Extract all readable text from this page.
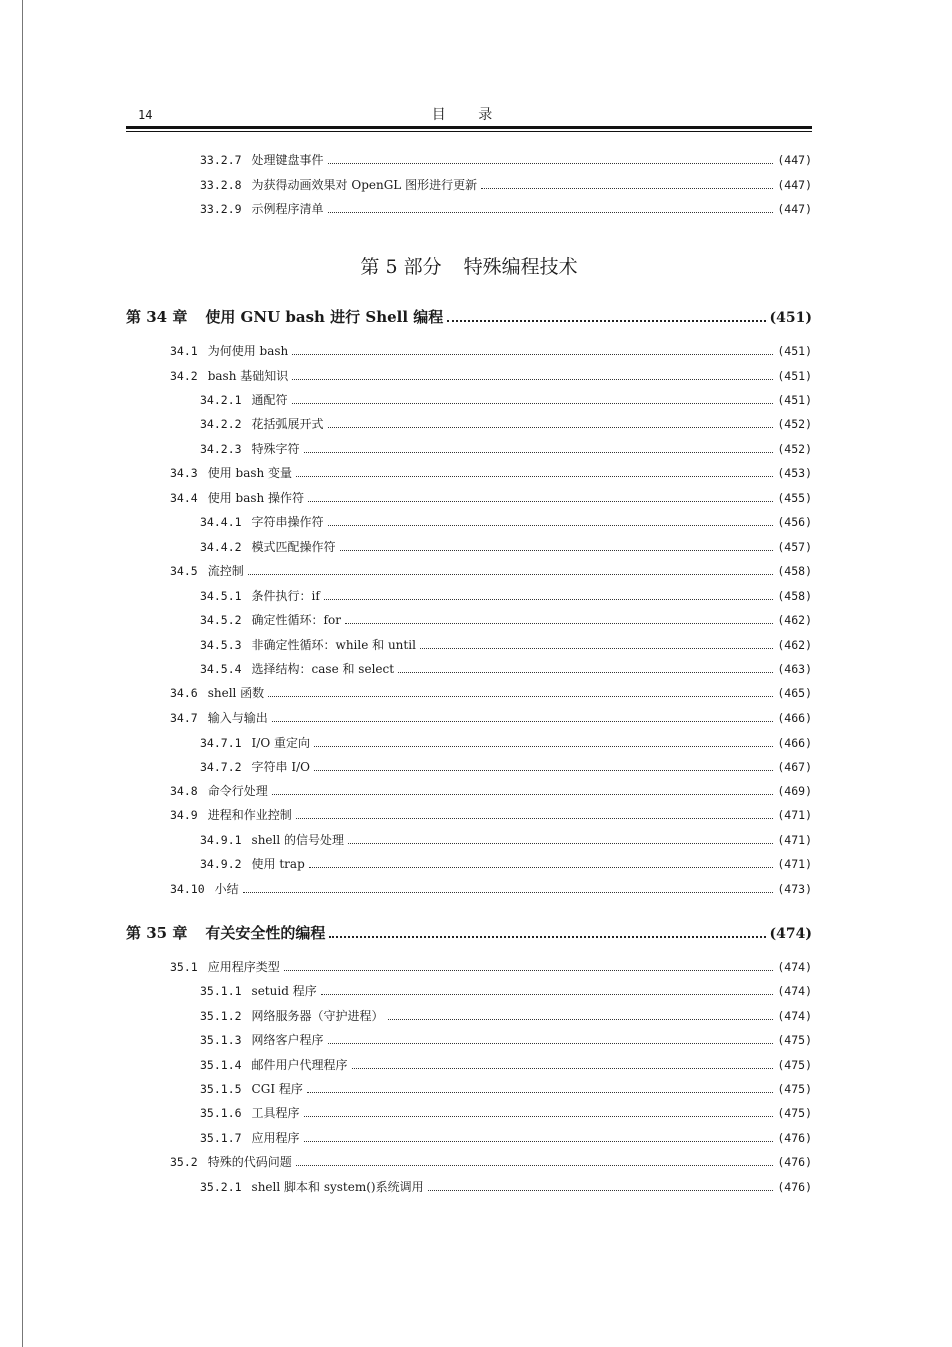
14	目 录
33.2.7 处理键盘事件	(447)
33.2.8 为获得动画效果对 OpenGL 图形进行更新	(447)
33.2.9 示例程序清单	(447)
第 5 部分 特殊编程技术
第 34 章 使用 GNU bash 进行 Shell 编程	(451)
34.1 为何使用 bash	(451)
34.2 bash 基础知识	(451)
34.2.1 通配符	(451)
34.2.2 花括弧展开式	(452)
34.2.3 特殊字符	(452)
34.3 使用 bash 变量	(453)
34.4 使用 bash 操作符	(455)
34.4.1 字符串操作符	(456)
34.4.2 模式匹配操作符	(457)
34.5 流控制	(458)
34.5.1 条件执行：if	(458)
34.5.2 确定性循环：for	(462)
34.5.3 非确定性循环：while 和 until	(462)
34.5.4 选择结构：case 和 select	(463)
34.6 shell 函数	(465)
34.7 输入与输出	(466)
34.7.1 I/O 重定向	(466)
34.7.2 字符串 I/O	(467)
34.8 命令行处理	(469)
34.9 进程和作业控制	(471)
34.9.1 shell 的信号处理	(471)
34.9.2 使用 trap	(471)
34.10 小结	(473)
第 35 章 有关安全性的编程	(474)
35.1 应用程序类型	(474)
35.1.1 setuid 程序	(474)
35.1.2 网络服务器（守护进程）	(474)
35.1.3 网络客户程序	(475)
35.1.4 邮件用户代理程序	(475)
35.1.5 CGI 程序	(475)
35.1.6 工具程序	(475)
35.1.7 应用程序	(476)
35.2 特殊的代码问题	(476)
35.2.1 shell 脚本和 system()系统调用	(476)
